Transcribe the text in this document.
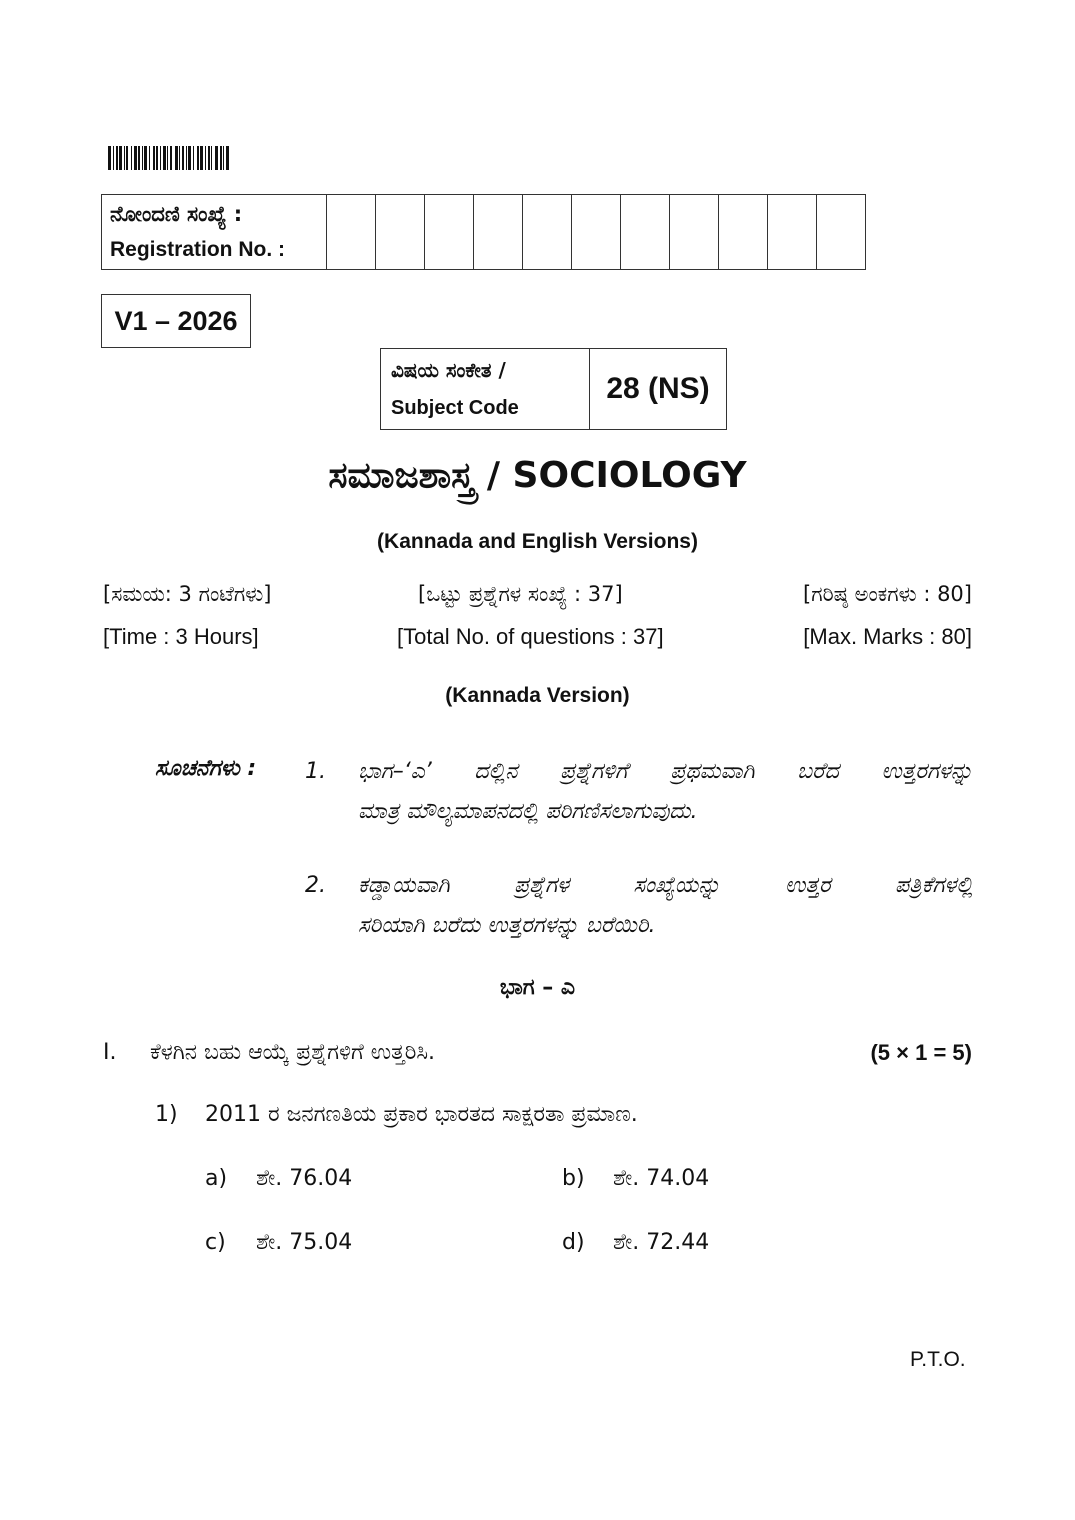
ನೋಂದಣಿ ಸಂಖ್ಯೆ :
Registration No. :

V1 – 2026
ವಿಷಯ ಸಂಕೇತ /
Subject Code
	28 (NS)
ಸಮಾಜಶಾಸ್ತ್ರ / SOCIOLOGY
(Kannada and English Versions)
[ಸಮಯ: 3 ಗಂಟೆಗಳು]	[ಒಟ್ಟು ಪ್ರಶ್ನೆಗಳ ಸಂಖ್ಯೆ : 37]	[ಗರಿಷ್ಠ ಅಂಕಗಳು : 80]
[Time : 3 Hours]	[Total No. of questions : 37]	[Max. Marks : 80]
(Kannada Version)
ಸೂಚನೆಗಳು : 1. ಭಾಗ–‘ಎ’ ದಲ್ಲಿನ ಪ್ರಶ್ನೆಗಳಿಗೆ ಪ್ರಥಮವಾಗಿ ಬರೆದ ಉತ್ತರಗಳನ್ನು
ಮಾತ್ರ ಮೌಲ್ಯಮಾಪನದಲ್ಲಿ ಪರಿಗಣಿಸಲಾಗುವುದು.
2. ಕಡ್ಡಾಯವಾಗಿ ಪ್ರಶ್ನೆಗಳ ಸಂಖ್ಯೆಯನ್ನು ಉತ್ತರ ಪತ್ರಿಕೆಗಳಲ್ಲಿ
ಸರಿಯಾಗಿ ಬರೆದು ಉತ್ತರಗಳನ್ನು ಬರೆಯಿರಿ.
ಭಾಗ – ಎ
I. ಕೆಳಗಿನ ಬಹು ಆಯ್ಕೆ ಪ್ರಶ್ನೆಗಳಿಗೆ ಉತ್ತರಿಸಿ.	(5 × 1 = 5)
1) 2011 ರ ಜನಗಣತಿಯ ಪ್ರಕಾರ ಭಾರತದ ಸಾಕ್ಷರತಾ ಪ್ರಮಾಣ.
a) ಶೇ. 76.04	b) ಶೇ. 74.04
c) ಶೇ. 75.04	d) ಶೇ. 72.44
P.T.O.
